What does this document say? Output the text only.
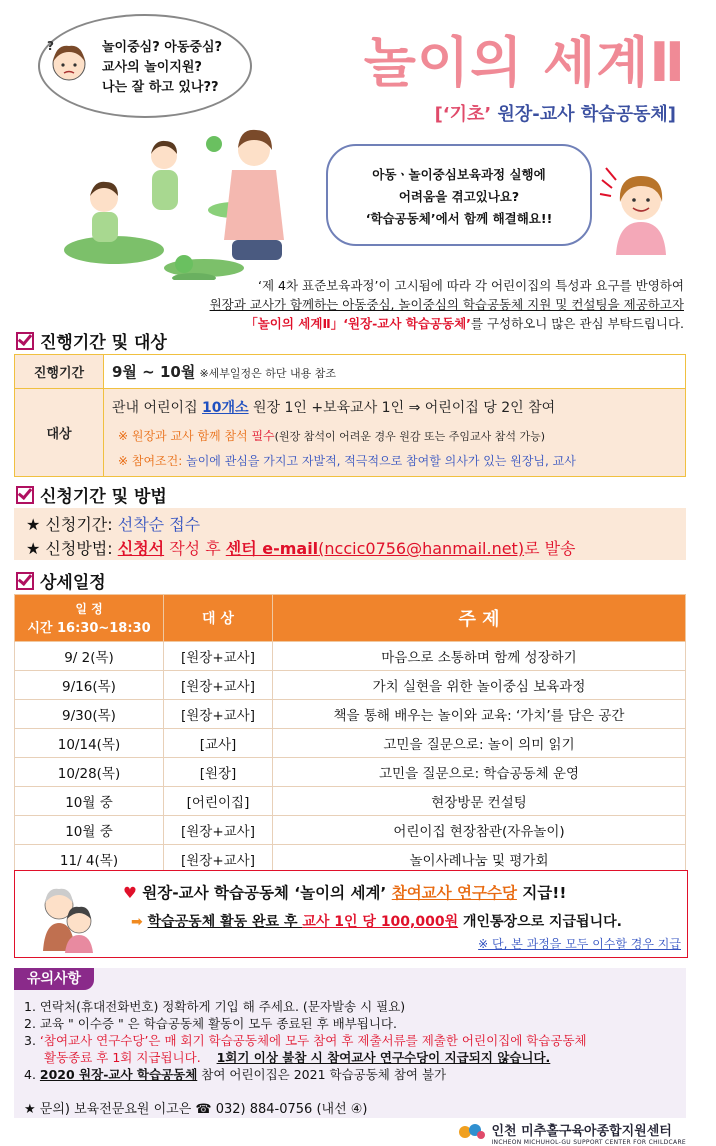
놀이중심? 아동중심?
교사의 놀이지원?
나는 잘 하고 있나??
?	놀이의 세계Ⅱ
[‘기초’ 원장-교사 학습공동체]
아동ㆍ놀이중심보육과정 실행에
어려움을 겪고있나요?
‘학습공동체’에서 함께 해결해요!!
‘제 4차 표준보육과정’이 고시됨에 따라 각 어린이집의 특성과 요구를 반영하여
원장과 교사가 함께하는 아동중심, 놀이중심의 학습공동체 지원 및 컨설팅을 제공하고자
「놀이의 세계Ⅱ」‘원장-교사 학습공동체’를 구성하오니 많은 관심 부탁드립니다.
진행기간 및 대상
진행기간	9월 ~ 10월 ※세부일정은 하단 내용 참조
대상	관내 어린이집 10개소 원장 1인 +보육교사 1인 ⇒ 어린이집 당 2인 참여
※ 원장과 교사 함께 참석 필수(원장 참석이 어려운 경우 원감 또는 주임교사 참석 가능)
※ 참여조건: 놀이에 관심을 가지고 자발적, 적극적으로 참여할 의사가 있는 원장님, 교사
신청기간 및 방법
★ 신청기간: 선착순 접수
★ 신청방법: 신청서 작성 후 센터 e-mail(nccic0756@hanmail.net)로 발송
상세일정
일 정
시간 16:30~18:30	대 상	주 제
9/ 2(목)	[원장+교사]	마음으로 소통하며 함께 성장하기
9/16(목)	[원장+교사]	가치 실현을 위한 놀이중심 보육과정
9/30(목)	[원장+교사]	책을 통해 배우는 놀이와 교육: ‘가치’를 담은 공간
10/14(목)	[교사]	고민을 질문으로: 놀이 의미 읽기
10/28(목)	[원장]	고민을 질문으로: 학습공동체 운영
10월 중	[어린이집]	현장방문 컨설팅
10월 중	[원장+교사]	어린이집 현장참관(자유놀이)
11/ 4(목)	[원장+교사]	놀이사례나눔 및 평가회
♥ 원장-교사 학습공동체 ‘놀이의 세계’ 참여교사 연구수당 지급!!
➡ 학습공동체 활동 완료 후 교사 1인 당 100,000원 개인통장으로 지급됩니다.
※ 단, 본 과정을 모두 이수할 경우 지급
유의사항
1. 연락처(휴대전화번호) 정확하게 기입 해 주세요. (문자발송 시 필요)
2. 교육 " 이수증 " 은 학습공동체 활동이 모두 종료된 후 배부됩니다.
3. ‘참여교사 연구수당’은 매 회기 학습공동체에 모두 참여 후 제출서류를 제출한 어린이집에 학습공동체
활동종료 후 1회 지급됩니다. 1회기 이상 불참 시 참여교사 연구수당이 지급되지 않습니다.
4. 2020 원장-교사 학습공동체 참여 어린이집은 2021 학습공동체 참여 불가
★ 문의) 보육전문요원 이고은 ☎ 032) 884-0756 (내선 ④)
인천 미추홀구육아종합지원센터
INCHEON MICHUHOL-GU SUPPORT CENTER FOR CHILDCARE
